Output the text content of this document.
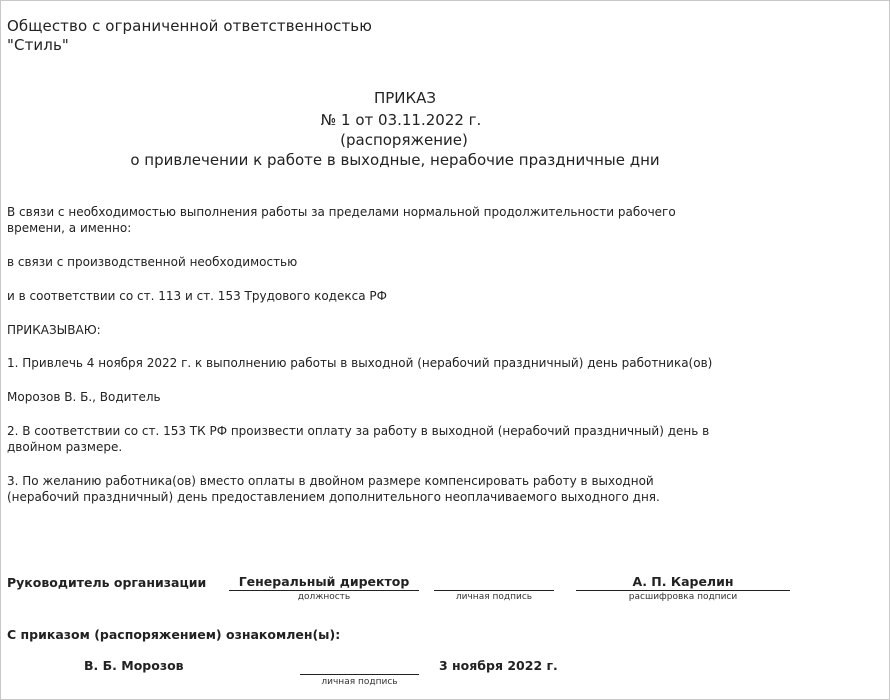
Общество с ограниченной ответственностью
"Стиль"
ПРИКАЗ
№ 1 от 03.11.2022 г.
(распоряжение)
о привлечении к работе в выходные, нерабочие праздничные дни
В связи с необходимостью выполнения работы за пределами нормальной продолжительности рабочего
времени, а именно:
в связи с производственной необходимостью
и в соответствии со ст. 113 и ст. 153 Трудового кодекса РФ
ПРИКАЗЫВАЮ:
1. Привлечь 4 ноября 2022 г. к выполнению работы в выходной (нерабочий праздничный) день работника(ов)
Морозов В. Б., Водитель
2. В соответствии со ст. 153 ТК РФ произвести оплату за работу в выходной (нерабочий праздничный) день в
двойном размере.
3. По желанию работника(ов) вместо оплаты в двойном размере компенсировать работу в выходной
(нерабочий праздничный) день предоставлением дополнительного неоплачиваемого выходного дня.
Руководитель организации	Генеральный директор
должность	личная подпись
А. П. Карелин
расшифровка подписи
С приказом (распоряжением) ознакомлен(ы):
В. Б. Морозов
личная подпись
3 ноября 2022 г.
